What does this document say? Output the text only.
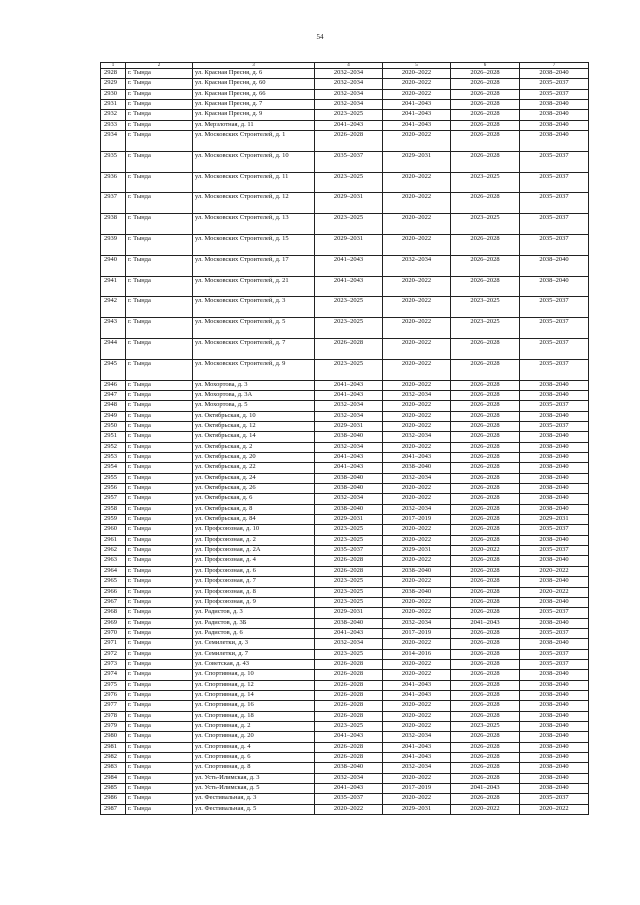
54
1	2	3	4	5	6	7
2928	г. Тында	ул. Красная Пресня, д. 6	2032–2034	2020–2022	2026–2028	2038–2040
2929	г. Тында	ул. Красная Пресня, д. 60	2032–2034	2020–2022	2026–2028	2035–2037
2930	г. Тында	ул. Красная Пресня, д. 66	2032–2034	2020–2022	2026–2028	2035–2037
2931	г. Тында	ул. Красная Пресня, д. 7	2032–2034	2041–2043	2026–2028	2038–2040
2932	г. Тында	ул. Красная Пресня, д. 9	2023–2025	2041–2043	2026–2028	2038–2040
2933	г. Тында	ул. Мерзлотная, д. 11	2041–2043	2041–2043	2026–2028	2038–2040
2934	г. Тында	ул. Московских Строителей, д. 1	2026–2028	2020–2022	2026–2028	2038–2040
2935	г. Тында	ул. Московских Строителей, д. 10	2035–2037	2029–2031	2026–2028	2035–2037
2936	г. Тында	ул. Московских Строителей, д. 11	2023–2025	2020–2022	2023–2025	2035–2037
2937	г. Тында	ул. Московских Строителей, д. 12	2029–2031	2020–2022	2026–2028	2035–2037
2938	г. Тында	ул. Московских Строителей, д. 13	2023–2025	2020–2022	2023–2025	2035–2037
2939	г. Тында	ул. Московских Строителей, д. 15	2029–2031	2020–2022	2026–2028	2035–2037
2940	г. Тында	ул. Московских Строителей, д. 17	2041–2043	2032–2034	2026–2028	2038–2040
2941	г. Тында	ул. Московских Строителей, д. 21	2041–2043	2020–2022	2026–2028	2038–2040
2942	г. Тында	ул. Московских Строителей, д. 3	2023–2025	2020–2022	2023–2025	2035–2037
2943	г. Тында	ул. Московских Строителей, д. 5	2023–2025	2020–2022	2023–2025	2035–2037
2944	г. Тында	ул. Московских Строителей, д. 7	2026–2028	2020–2022	2026–2028	2035–2037
2945	г. Тында	ул. Московских Строителей, д. 9	2023–2025	2020–2022	2026–2028	2035–2037
2946	г. Тында	ул. Мохортова, д. 3	2041–2043	2020–2022	2026–2028	2038–2040
2947	г. Тында	ул. Мохортова, д. 3А	2041–2043	2032–2034	2026–2028	2038–2040
2948	г. Тында	ул. Мохортова, д. 5	2032–2034	2020–2022	2026–2028	2035–2037
2949	г. Тында	ул. Октябрьская, д. 10	2032–2034	2020–2022	2026–2028	2038–2040
2950	г. Тында	ул. Октябрьская, д. 12	2029–2031	2020–2022	2026–2028	2035–2037
2951	г. Тында	ул. Октябрьская, д. 14	2038–2040	2032–2034	2026–2028	2038–2040
2952	г. Тында	ул. Октябрьская, д. 2	2032–2034	2020–2022	2026–2028	2038–2040
2953	г. Тында	ул. Октябрьская, д. 20	2041–2043	2041–2043	2026–2028	2038–2040
2954	г. Тында	ул. Октябрьская, д. 22	2041–2043	2038–2040	2026–2028	2038–2040
2955	г. Тында	ул. Октябрьская, д. 24	2038–2040	2032–2034	2026–2028	2038–2040
2956	г. Тында	ул. Октябрьская, д. 26	2038–2040	2020–2022	2026–2028	2038–2040
2957	г. Тында	ул. Октябрьская, д. 6	2032–2034	2020–2022	2026–2028	2038–2040
2958	г. Тында	ул. Октябрьская, д. 8	2038–2040	2032–2034	2026–2028	2038–2040
2959	г. Тында	ул. Октябрьская, д. 84	2029–2031	2017–2019	2026–2028	2029–2031
2960	г. Тында	ул. Профсоюзная, д. 10	2023–2025	2020–2022	2026–2028	2035–2037
2961	г. Тында	ул. Профсоюзная, д. 2	2023–2025	2020–2022	2026–2028	2038–2040
2962	г. Тында	ул. Профсоюзная, д. 2А	2035–2037	2029–2031	2020–2022	2035–2037
2963	г. Тында	ул. Профсоюзная, д. 4	2026–2028	2020–2022	2026–2028	2038–2040
2964	г. Тында	ул. Профсоюзная, д. 6	2026–2028	2038–2040	2026–2028	2020–2022
2965	г. Тында	ул. Профсоюзная, д. 7	2023–2025	2020–2022	2026–2028	2038–2040
2966	г. Тында	ул. Профсоюзная, д. 8	2023–2025	2038–2040	2026–2028	2020–2022
2967	г. Тында	ул. Профсоюзная, д. 9	2023–2025	2020–2022	2026–2028	2038–2040
2968	г. Тында	ул. Радистов, д. 3	2029–2031	2020–2022	2026–2028	2035–2037
2969	г. Тында	ул. Радистов, д. 3Б	2038–2040	2032–2034	2041–2043	2038–2040
2970	г. Тында	ул. Радистов, д. 6	2041–2043	2017–2019	2026–2028	2035–2037
2971	г. Тында	ул. Семилетки, д. 3	2032–2034	2020–2022	2026–2028	2038–2040
2972	г. Тында	ул. Семилетки, д. 7	2023–2025	2014–2016	2026–2028	2035–2037
2973	г. Тында	ул. Советская, д. 43	2026–2028	2020–2022	2026–2028	2035–2037
2974	г. Тында	ул. Спортивная, д. 10	2026–2028	2020–2022	2026–2028	2038–2040
2975	г. Тында	ул. Спортивная, д. 12	2026–2028	2041–2043	2026–2028	2038–2040
2976	г. Тында	ул. Спортивная, д. 14	2026–2028	2041–2043	2026–2028	2038–2040
2977	г. Тында	ул. Спортивная, д. 16	2026–2028	2020–2022	2026–2028	2038–2040
2978	г. Тында	ул. Спортивная, д. 18	2026–2028	2020–2022	2026–2028	2038–2040
2979	г. Тында	ул. Спортивная, д. 2	2023–2025	2020–2022	2023–2025	2038–2040
2980	г. Тында	ул. Спортивная, д. 20	2041–2043	2032–2034	2026–2028	2038–2040
2981	г. Тында	ул. Спортивная, д. 4	2026–2028	2041–2043	2026–2028	2038–2040
2982	г. Тында	ул. Спортивная, д. 6	2026–2028	2041–2043	2026–2028	2038–2040
2983	г. Тында	ул. Спортивная, д. 8	2038–2040	2032–2034	2026–2028	2038–2040
2984	г. Тында	ул. Усть-Илимская, д. 3	2032–2034	2020–2022	2026–2028	2038–2040
2985	г. Тында	ул. Усть-Илимская, д. 5	2041–2043	2017–2019	2041–2043	2038–2040
2986	г. Тында	ул. Фестивальная, д. 3	2035–2037	2020–2022	2026–2028	2035–2037
2987	г. Тында	ул. Фестивальная, д. 5	2020–2022	2029–2031	2020–2022	2020–2022
